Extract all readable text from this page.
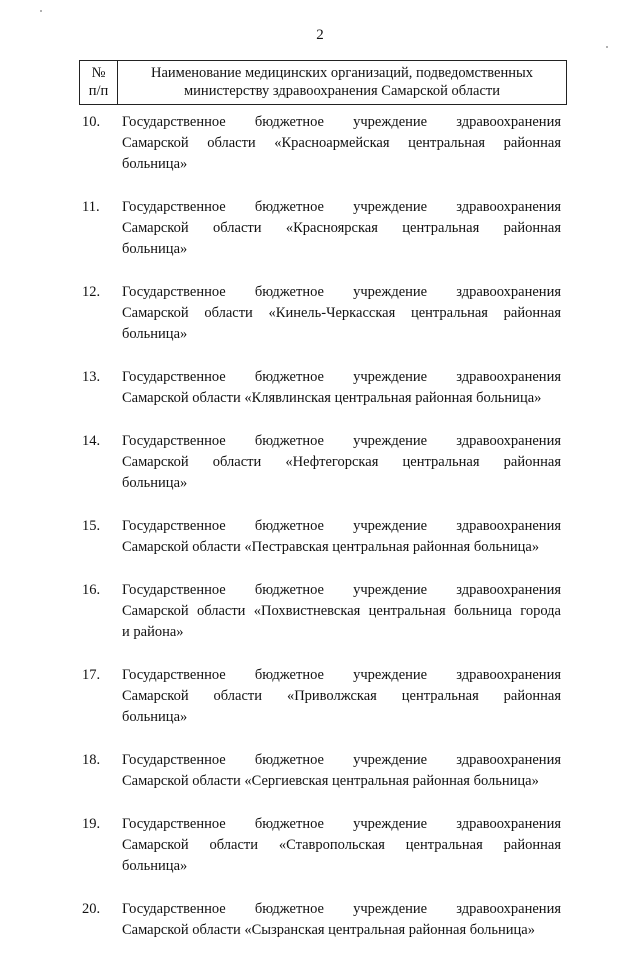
2
№
п/п	Наименование медицинских организаций, подведомственных
министерству здравоохранения Самарской области
10.	Государственное бюджетное учреждение здравоохранения
Самарской области «Красноармейская центральная районная
больница»
11.	Государственное бюджетное учреждение здравоохранения
Самарской области «Красноярская центральная районная
больница»
12.	Государственное бюджетное учреждение здравоохранения
Самарской области «Кинель-Черкасская центральная районная
больница»
13.	Государственное бюджетное учреждение здравоохранения
Самарской области «Клявлинская центральная районная больница»
14.	Государственное бюджетное учреждение здравоохранения
Самарской области «Нефтегорская центральная районная
больница»
15.	Государственное бюджетное учреждение здравоохранения
Самарской области «Пестравская центральная районная больница»
16.	Государственное бюджетное учреждение здравоохранения
Самарской области «Похвистневская центральная больница города
и района»
17.	Государственное бюджетное учреждение здравоохранения
Самарской области «Приволжская центральная районная
больница»
18.	Государственное бюджетное учреждение здравоохранения
Самарской области «Сергиевская центральная районная больница»
19.	Государственное бюджетное учреждение здравоохранения
Самарской области «Ставропольская центральная районная
больница»
20.	Государственное бюджетное учреждение здравоохранения
Самарской области «Сызранская центральная районная больница»
